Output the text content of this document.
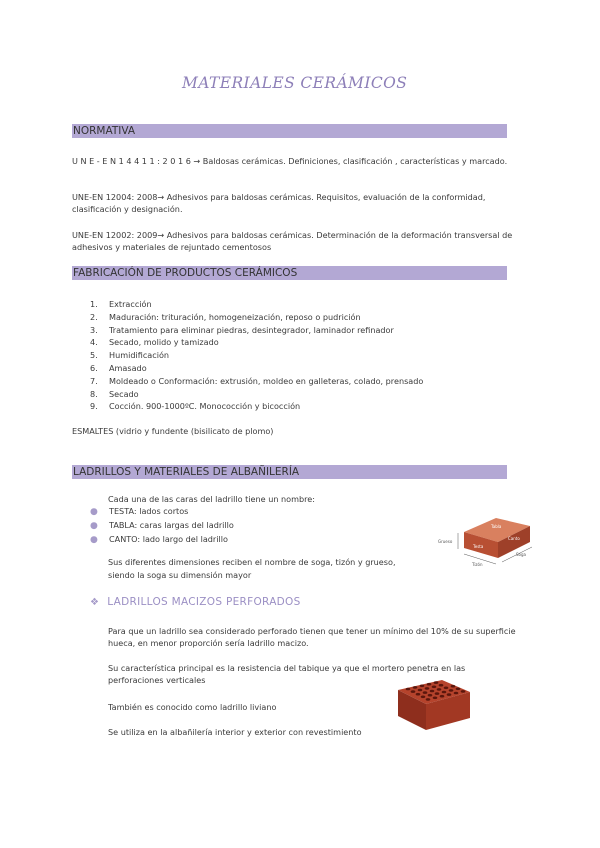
MATERIALES CERÁMICOS
NORMATIVA
U N E - E N 1 4 4 1 1 : 2 0 1 6 → Baldosas cerámicas. Definiciones, clasificación , características y marcado.
UNE-EN 12004: 2008→ Adhesivos para baldosas cerámicas. Requisitos, evaluación de la conformidad, clasificación y designación.
UNE-EN 12002: 2009→ Adhesivos para baldosas cerámicas. Determinación de la deformación transversal de adhesivos y materiales de rejuntado cementosos
FABRICACIÓN DE PRODUCTOS CERÁMICOS
1. Extracción
2. Maduración: trituración, homogeneización, reposo o pudrición
3. Tratamiento para eliminar piedras, desintegrador, laminador refinador
4. Secado, molido y tamizado
5. Humidificación
6. Amasado
7. Moldeado o Conformación: extrusión, moldeo en galleteras, colado, prensado
8. Secado
9. Cocción. 900-1000ºC. Monococción y bicocción
ESMALTES (vidrio y fundente (bisilicato de plomo)
LADRILLOS Y MATERIALES DE ALBAÑILERÍA
Cada una de las caras del ladrillo tiene un nombre:
● TESTA: lados cortos
● TABLA: caras largas del ladrillo
● CANTO: lado largo del ladrillo
Sus diferentes dimensiones reciben el nombre de soga, tizón y grueso,
siendo la soga su dimensión mayor
Tabla
Canto
Testa
Grueso
Soga
Tizón
❖ LADRILLOS MACIZOS PERFORADOS
Para que un ladrillo sea considerado perforado tienen que tener un mínimo del 10% de su superficie hueca, en menor proporción sería ladrillo macizo.
Su característica principal es la resistencia del tabique ya que el mortero penetra en las perforaciones verticales
También es conocido como ladrillo liviano
Se utiliza en la albañilería interior y exterior con revestimiento
